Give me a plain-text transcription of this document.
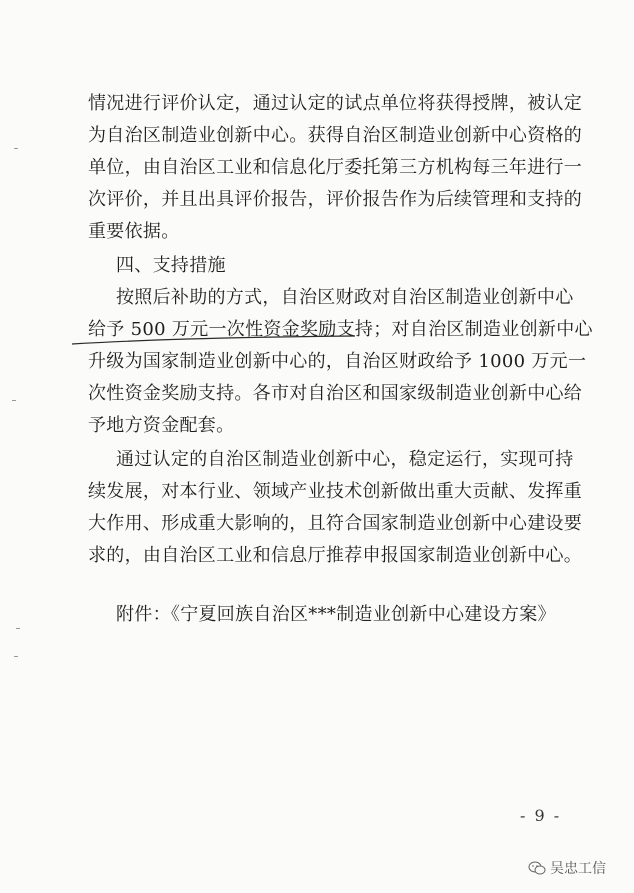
情况进行评价认定，通过认定的试点单位将获得授牌，被认定
为自治区制造业创新中心。获得自治区制造业创新中心资格的
单位，由自治区工业和信息化厅委托第三方机构每三年进行一
次评价，并且出具评价报告，评价报告作为后续管理和支持的
重要依据。
四、支持措施
按照后补助的方式，自治区财政对自治区制造业创新中心
给予 500 万元一次性资金奖励支持；对自治区制造业创新中心
升级为国家制造业创新中心的，自治区财政给予 1000 万元一
次性资金奖励支持。各市对自治区和国家级制造业创新中心给
予地方资金配套。
通过认定的自治区制造业创新中心，稳定运行，实现可持
续发展，对本行业、领域产业技术创新做出重大贡献、发挥重
大作用、形成重大影响的，且符合国家制造业创新中心建设要
求的，由自治区工业和信息厅推荐申报国家制造业创新中心。
附件：《宁夏回族自治区***制造业创新中心建设方案》
- 9 -
吴忠工信
